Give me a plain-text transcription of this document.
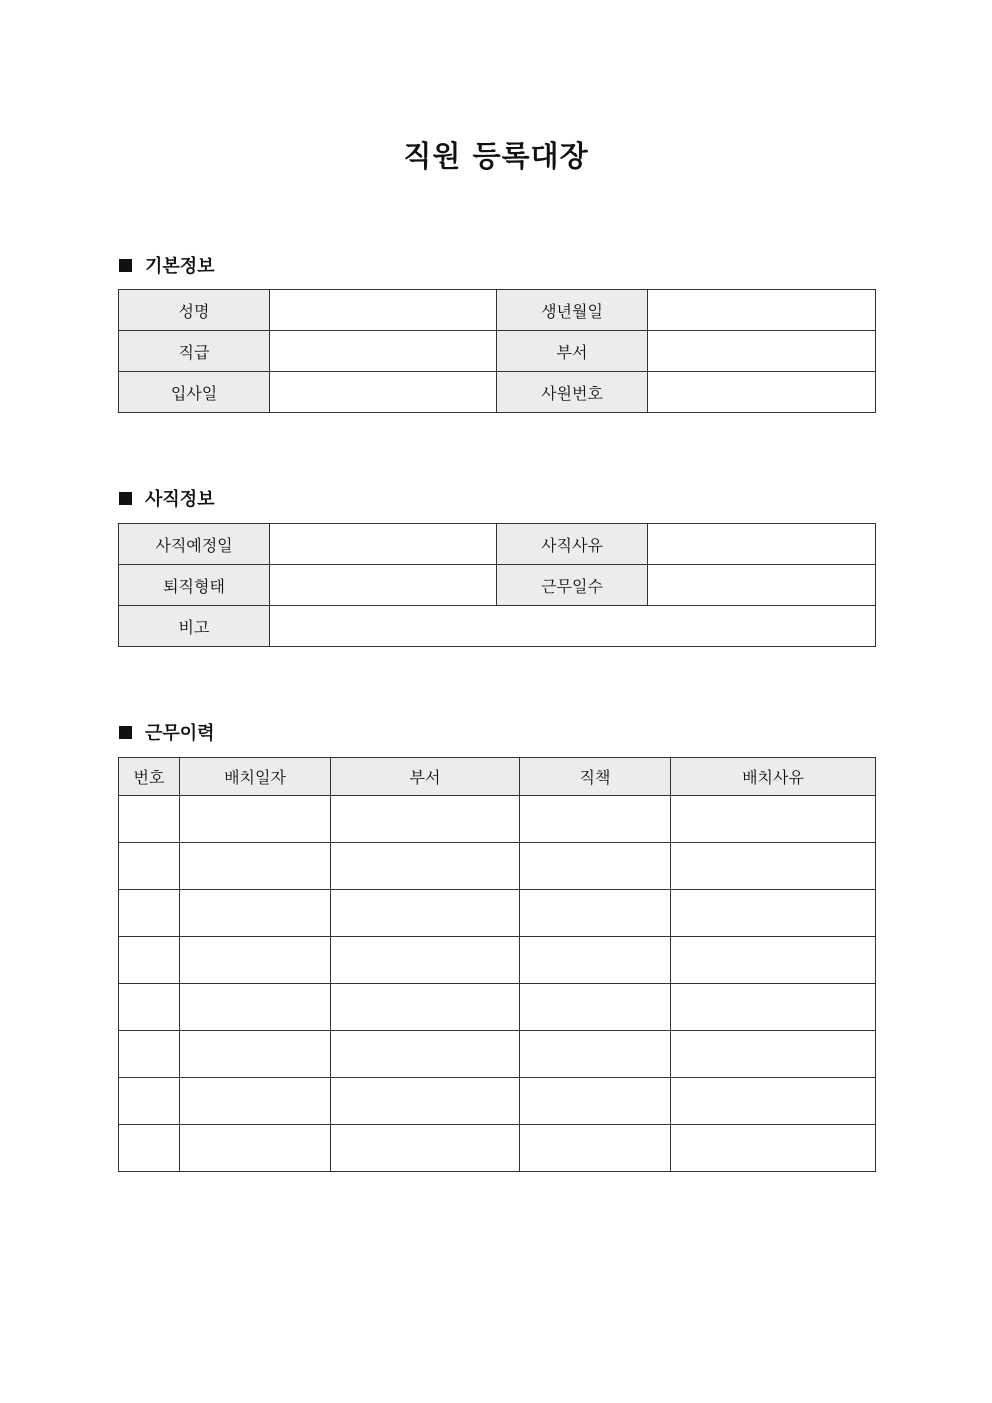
직원 등록대장
기본정보
성명		생년월일	
직급		부서	
입사일		사원번호	
사직정보
사직예정일		사직사유	
퇴직형태		근무일수	
비고			
근무이력
번호	배치일자	부서	직책	배치사유
